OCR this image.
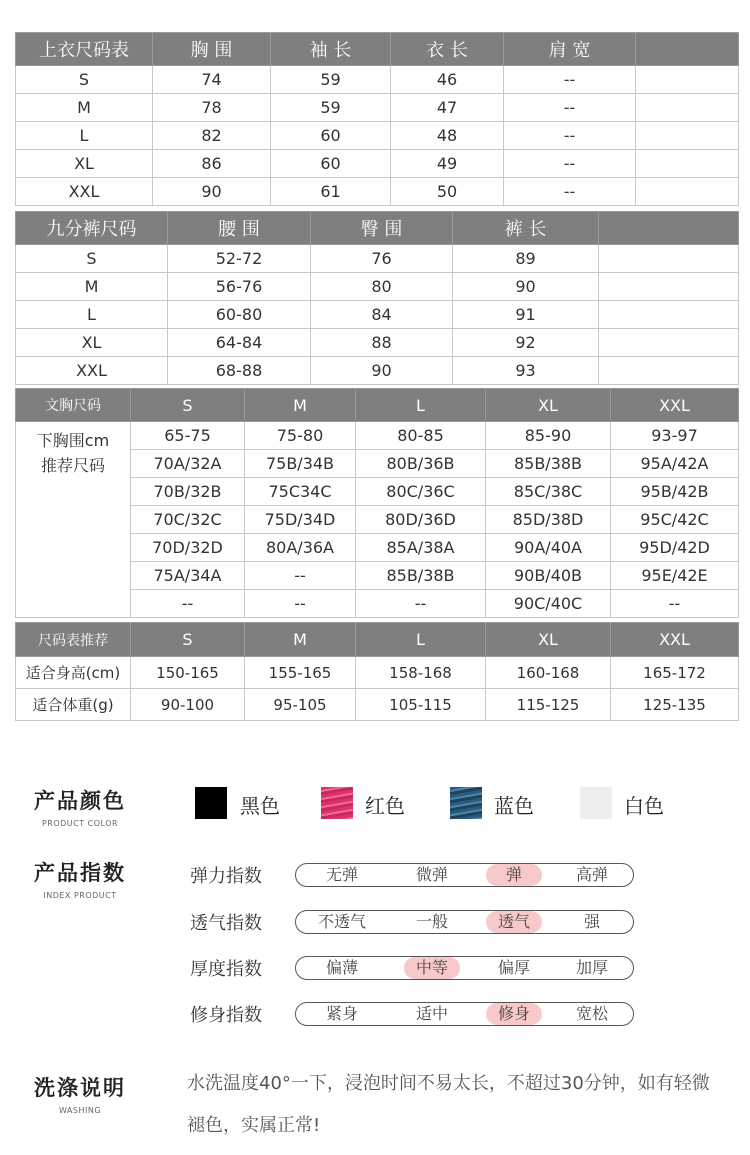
上衣尺码表	胸 围	袖 长	衣 长	肩 宽	
S	74	59	46	--	
M	78	59	47	--	
L	82	60	48	--	
XL	86	60	49	--	
XXL	90	61	50	--	
九分裤尺码	腰 围	臀 围	裤 长	
S	52-72	76	89	
M	56-76	80	90	
L	60-80	84	91	
XL	64-84	88	92	
XXL	68-88	90	93	
文胸尺码	S	M	L	XL	XXL

下胸围cm
推荐尺码	65-75	75-80	80-85	85-90	93-97
	70A/32A	75B/34B	80B/36B	85B/38B	95A/42A
	70B/32B	75C34C	80C/36C	85C/38C	95B/42B
	70C/32C	75D/34D	80D/36D	85D/38D	95C/42C
	70D/32D	80A/36A	85A/38A	90A/40A	95D/42D
	75A/34A	--	85B/38B	90B/40B	95E/42E
	--	--	--	90C/40C	--
尺码表推荐	S	M	L	XL	XXL
适合身高(cm)	150-165	155-165	158-168	160-168	165-172
适合体重(g)	90-100	95-105	105-115	115-125	125-135
产品颜色
PRODUCT COLOR
黑色	红色	蓝色	白色
产品指数
INDEX PRODUCT
弹力指数	无弹	微弹	弹	高弹
透气指数	不透气	一般	透气	强
厚度指数	偏薄	中等	偏厚	加厚
修身指数	紧身	适中	修身	宽松
洗涤说明
WASHING
水洗温度40°一下，浸泡时间不易太长，不超过30分钟，如有轻微褪色，实属正常!
